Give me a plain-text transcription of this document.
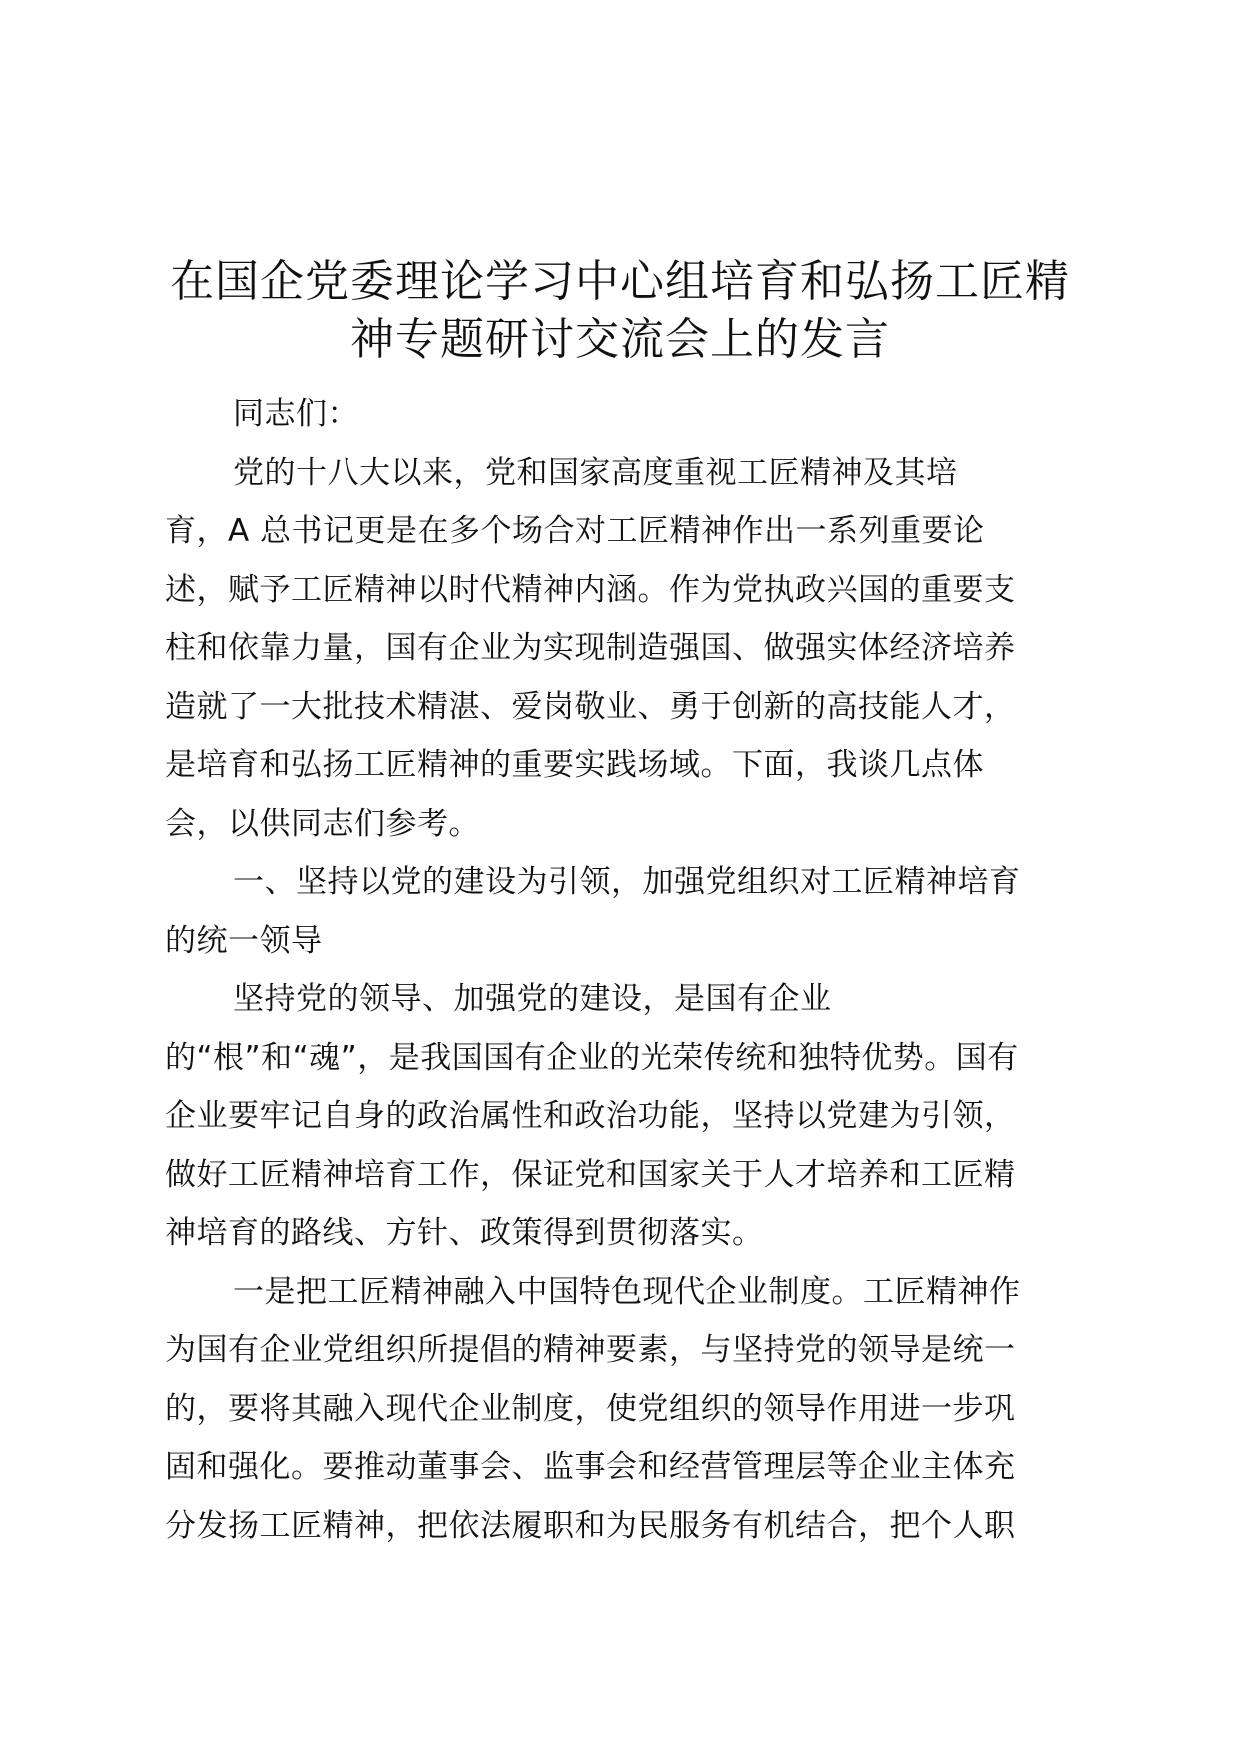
在国企党委理论学习中心组培育和弘扬工匠精
神专题研讨交流会上的发言
同志们：
党的十八大以来，党和国家高度重视工匠精神及其培
育，A 总书记更是在多个场合对工匠精神作出一系列重要论
述，赋予工匠精神以时代精神内涵。作为党执政兴国的重要支
柱和依靠力量，国有企业为实现制造强国、做强实体经济培养
造就了一大批技术精湛、爱岗敬业、勇于创新的高技能人才，
是培育和弘扬工匠精神的重要实践场域。下面，我谈几点体
会，以供同志们参考。
一、坚持以党的建设为引领，加强党组织对工匠精神培育
的统一领导
坚持党的领导、加强党的建设，是国有企业
的“根”和“魂”，是我国国有企业的光荣传统和独特优势。国有
企业要牢记自身的政治属性和政治功能，坚持以党建为引领，
做好工匠精神培育工作，保证党和国家关于人才培养和工匠精
神培育的路线、方针、政策得到贯彻落实。
一是把工匠精神融入中国特色现代企业制度。工匠精神作
为国有企业党组织所提倡的精神要素，与坚持党的领导是统一
的，要将其融入现代企业制度，使党组织的领导作用进一步巩
固和强化。要推动董事会、监事会和经营管理层等企业主体充
分发扬工匠精神，把依法履职和为民服务有机结合，把个人职
